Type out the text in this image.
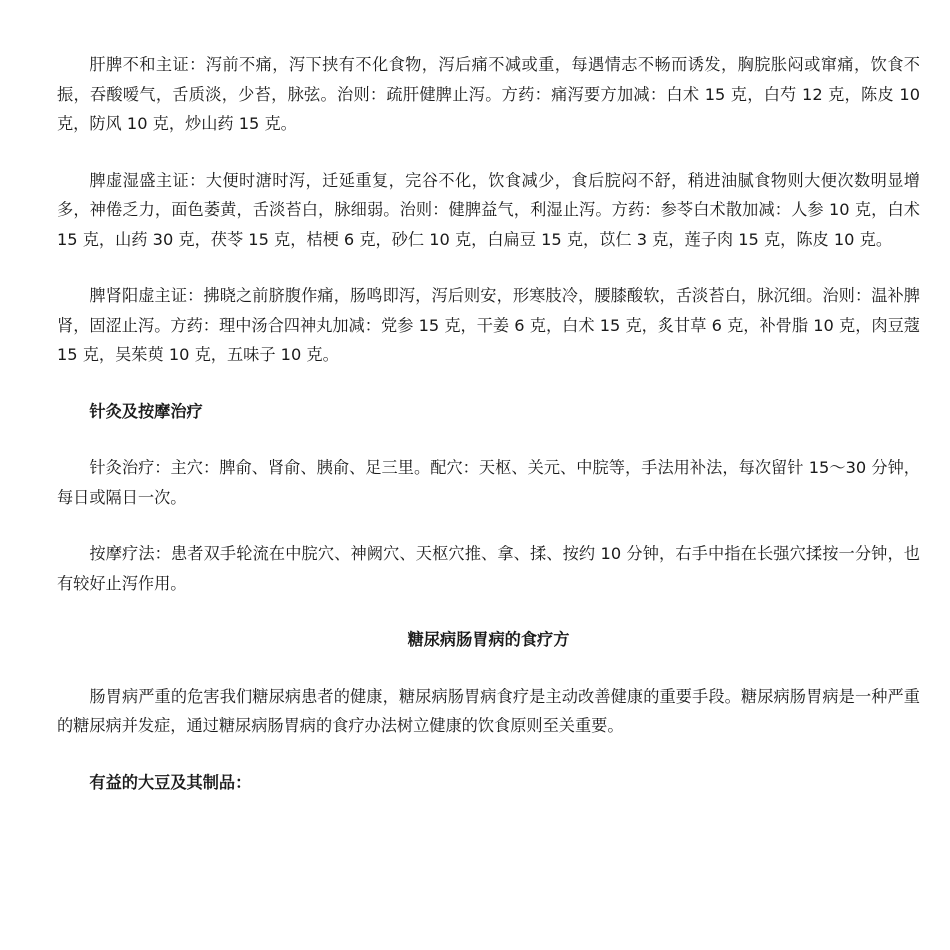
肝脾不和主证：泻前不痛，泻下挟有不化食物，泻后痛不减或重，每遇情志不畅而诱发，胸脘胀闷或窜痛，饮食不振，吞酸嗳气，舌质淡，少苔，脉弦。治则：疏肝健脾止泻。方药：痛泻要方加减：白术 15 克，白芍 12 克，陈皮 10 克，防风 10 克，炒山药 15 克。

脾虚湿盛主证：大便时溏时泻，迁延重复，完谷不化，饮食减少，食后脘闷不舒，稍进油腻食物则大便次数明显增多，神倦乏力，面色萎黄，舌淡苔白，脉细弱。治则：健脾益气，利湿止泻。方药：参苓白术散加减：人参 10 克，白术 15 克，山药 30 克，茯苓 15 克，桔梗 6 克，砂仁 10 克，白扁豆 15 克，苡仁 3 克，莲子肉 15 克，陈皮 10 克。

脾肾阳虚主证：拂晓之前脐腹作痛，肠鸣即泻，泻后则安，形寒肢冷，腰膝酸软，舌淡苔白，脉沉细。治则：温补脾肾，固涩止泻。方药：理中汤合四神丸加减：党参 15 克，干姜 6 克，白术 15 克，炙甘草 6 克，补骨脂 10 克，肉豆蔻 15 克，吴茱萸 10 克，五味子 10 克。

针灸及按摩治疗

针灸治疗：主穴：脾俞、肾俞、胰俞、足三里。配穴：天枢、关元、中脘等，手法用补法，每次留针 15～30 分钟，每日或隔日一次。

按摩疗法：患者双手轮流在中脘穴、神阙穴、天枢穴推、拿、揉、按约 10 分钟，右手中指在长强穴揉按一分钟，也有较好止泻作用。

糖尿病肠胃病的食疗方

肠胃病严重的危害我们糖尿病患者的健康，糖尿病肠胃病食疗是主动改善健康的重要手段。糖尿病肠胃病是一种严重的糖尿病并发症，通过糖尿病肠胃病的食疗办法树立健康的饮食原则至关重要。

有益的大豆及其制品：
